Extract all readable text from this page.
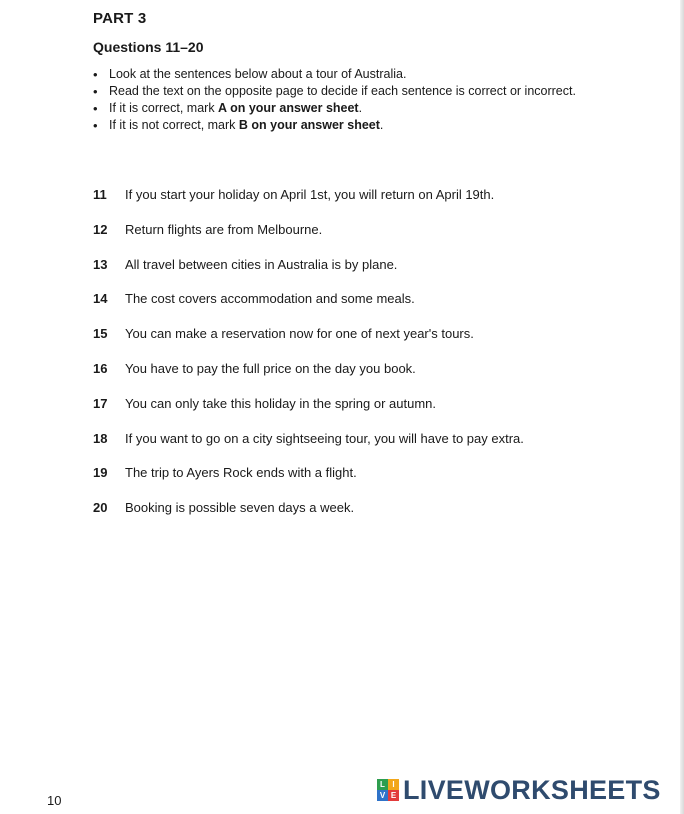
PART 3
Questions 11–20
• Look at the sentences below about a tour of Australia.
• Read the text on the opposite page to decide if each sentence is correct or incorrect.
• If it is correct, mark A on your answer sheet.
• If it is not correct, mark B on your answer sheet.
11	If you start your holiday on April 1st, you will return on April 19th.
12	Return flights are from Melbourne.
13	All travel between cities in Australia is by plane.
14	The cost covers accommodation and some meals.
15	You can make a reservation now for one of next year's tours.
16	You have to pay the full price on the day you book.
17	You can only take this holiday in the spring or autumn.
18	If you want to go on a city sightseeing tour, you will have to pay extra.
19	The trip to Ayers Rock ends with a flight.
20	Booking is possible seven days a week.
10
L I
V E LIVEWORKSHEETS
